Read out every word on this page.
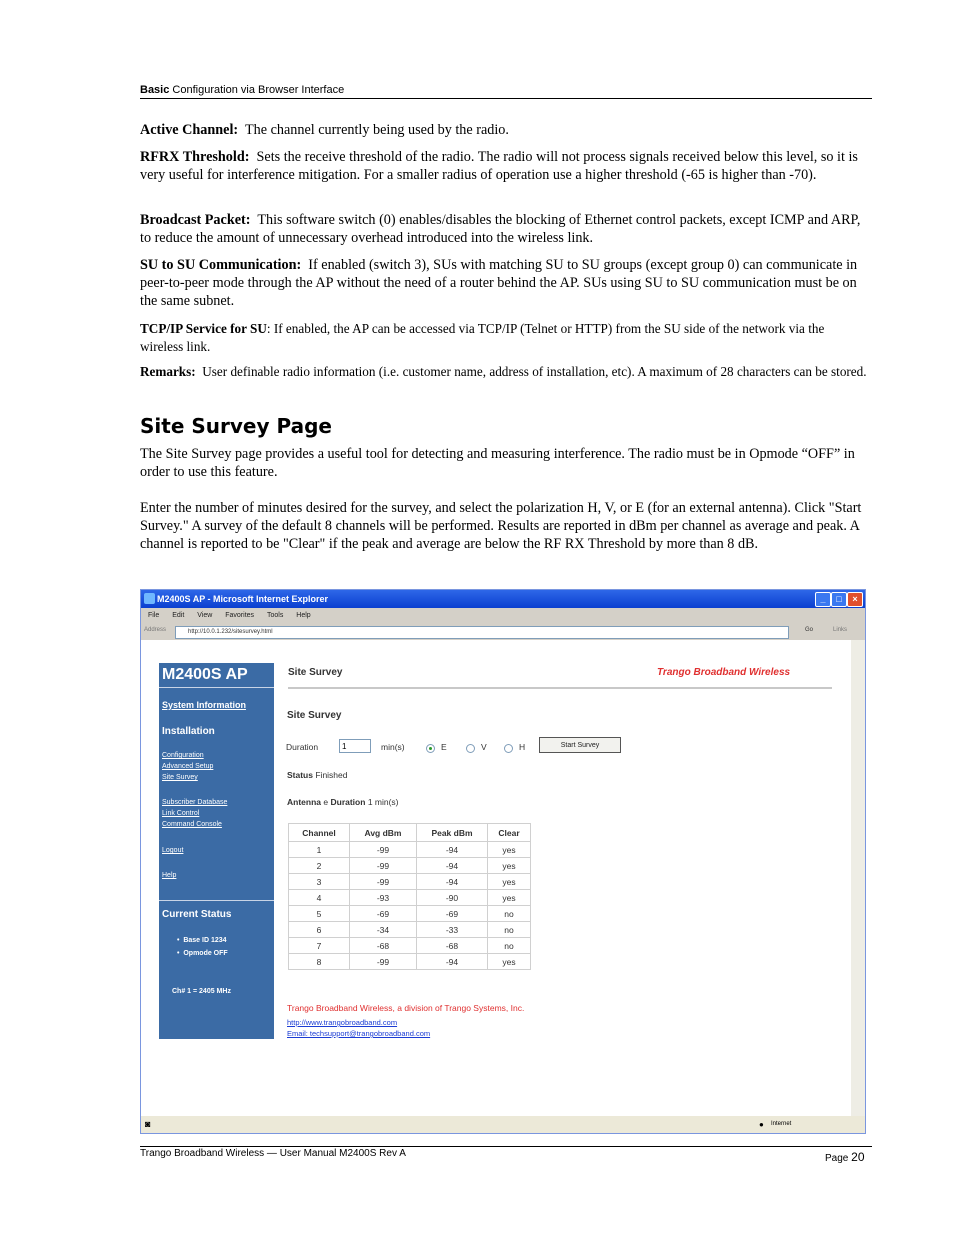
Basic Configuration via Browser Interface
Active Channel: The channel currently being used by the radio.
RFRX Threshold: Sets the receive threshold of the radio. The radio will not process signals received below this level, so it is very useful for interference mitigation. For a smaller radius of operation use a higher threshold (-65 is higher than -70).
Broadcast Packet: This software switch (0) enables/disables the blocking of Ethernet control packets, except ICMP and ARP, to reduce the amount of unnecessary overhead introduced into the wireless link.
SU to SU Communication: If enabled (switch 3), SUs with matching SU to SU groups (except group 0) can communicate in peer-to-peer mode through the AP without the need of a router behind the AP. SUs using SU to SU communication must be on the same subnet.
TCP/IP Service for SU: If enabled, the AP can be accessed via TCP/IP (Telnet or HTTP) from the SU side of the network via the wireless link.
Remarks: User definable radio information (i.e. customer name, address of installation, etc). A maximum of 28 characters can be stored.
Site Survey Page
The Site Survey page provides a useful tool for detecting and measuring interference. The radio must be in Opmode “OFF” in order to use this feature.
Enter the number of minutes desired for the survey, and select the polarization H, V, or E (for an external antenna). Click "Start Survey." A survey of the default 8 channels will be performed. Results are reported in dBm per channel as average and peak. A channel is reported to be "Clear" if the peak and average are below the RF RX Threshold by more than 8 dB.
M2400S AP - Microsoft Internet Explorer	_	□	×
File Edit View Favorites Tools Help
Address	http://10.0.1.232/sitesurvey.html	Go	Links
M2400S AP
System Information
Installation
Configuration
Advanced Setup
Site Survey
Subscriber Database
Link Control
Command Console
Logout
Help
Current Status
•  Base ID 1234
•  Opmode OFF
Ch# 1 = 2405 MHz
Site Survey	Trango Broadband Wireless
Site Survey
Duration	1	min(s)	E	V	H	Start Survey
Status Finished
Antenna e Duration 1 min(s)
Channel	Avg dBm	Peak dBm	Clear
1	-99	-94	yes
2	-99	-94	yes
3	-99	-94	yes
4	-93	-90	yes
5	-69	-69	no
6	-34	-33	no
7	-68	-68	no
8	-99	-94	yes
Trango Broadband Wireless, a division of Trango Systems, Inc.
http://www.trangobroadband.com
Email: techsupport@trangobroadband.com
◙	● Internet
Trango Broadband Wireless — User Manual M2400S Rev A	Page 20
